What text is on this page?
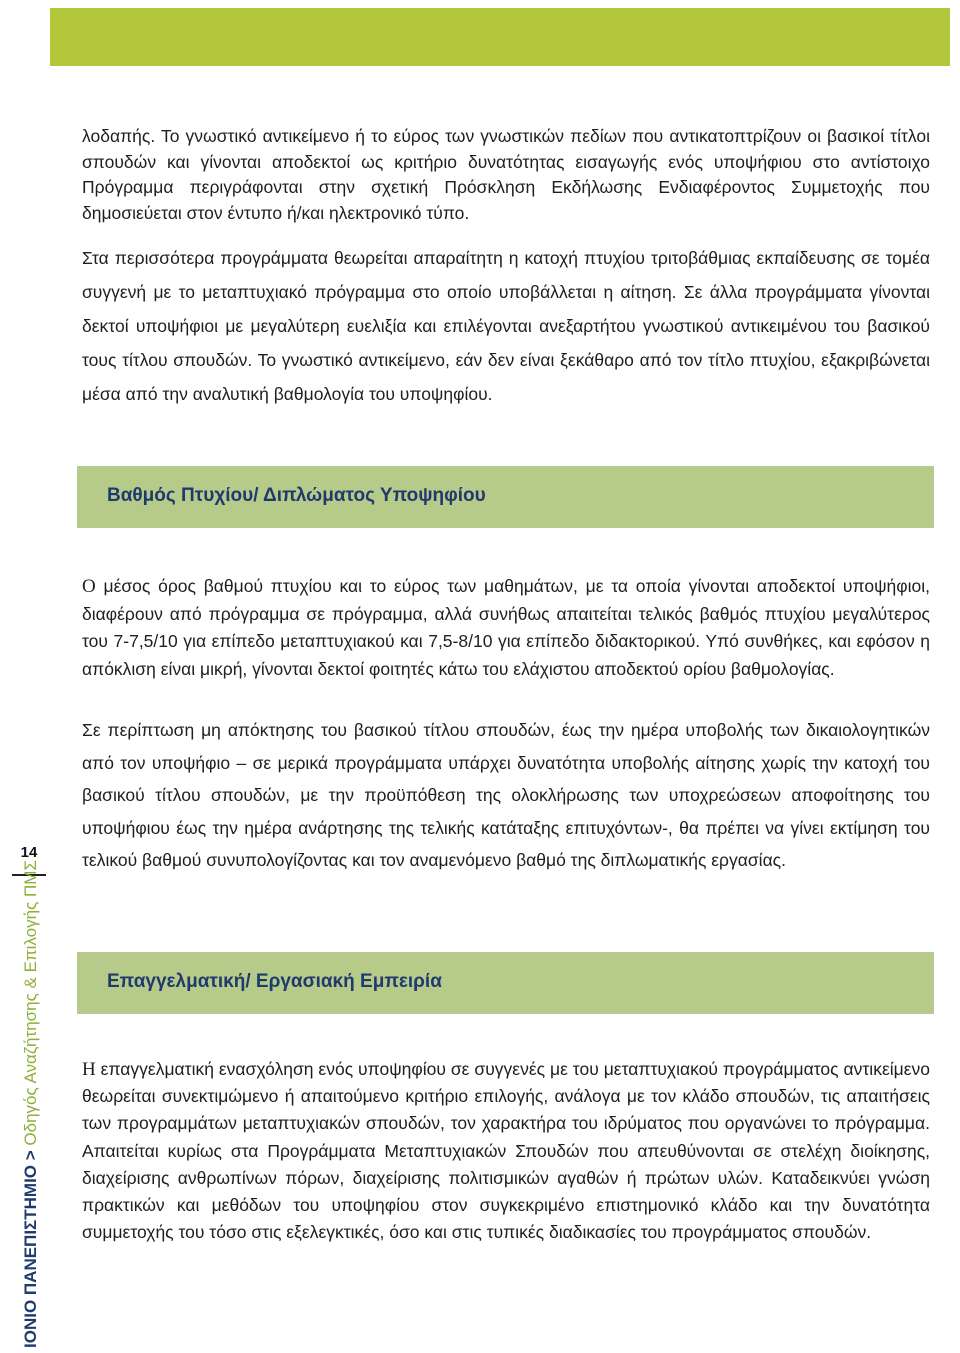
λοδαπής. Το γνωστικό αντικείμενο ή το εύρος των γνωστικών πεδίων που αντικατοπτρίζουν οι βασικοί τίτλοι σπουδών και γίνονται αποδεκτοί ως κριτήριο δυνατότητας εισαγωγής ενός υποψήφιου στο αντίστοιχο Πρόγραμμα περιγράφονται στην σχετική Πρόσκληση Εκδήλωσης Ενδιαφέροντος Συμμετοχής που δημοσιεύεται στον έντυπο ή/και ηλεκτρονικό τύπο.

Στα περισσότερα προγράμματα θεωρείται απαραίτητη η κατοχή πτυχίου τριτοβάθμιας εκπαίδευσης σε τομέα συγγενή με το μεταπτυχιακό πρόγραμμα στο οποίο υποβάλλεται η αίτηση. Σε άλλα προγράμματα γίνονται δεκτοί υποψήφιοι με μεγαλύτερη ευελιξία και επιλέγονται ανεξαρτήτου γνωστικού αντικειμένου του βασικού τους τίτλου σπουδών. Το γνωστικό αντικείμενο, εάν δεν είναι ξεκάθαρο από τον τίτλο πτυχίου, εξακριβώνεται μέσα από την αναλυτική βαθμολογία του υποψηφίου.

Βαθμός Πτυχίου/ Διπλώματος Υποψηφίου

Ο μέσος όρος βαθμού πτυχίου και το εύρος των μαθημάτων, με τα οποία γίνονται αποδεκτοί υποψήφιοι, διαφέρουν από πρόγραμμα σε πρόγραμμα, αλλά συνήθως απαιτείται τελικός βαθμός πτυχίου μεγαλύτερος του 7-7,5/10 για επίπεδο μεταπτυχιακού και 7,5-8/10 για επίπεδο διδακτορικού. Υπό συνθήκες, και εφόσον η απόκλιση είναι μικρή, γίνονται δεκτοί φοιτητές κάτω του ελάχιστου αποδεκτού ορίου βαθμολογίας.

Σε περίπτωση μη απόκτησης του βασικού τίτλου σπουδών, έως την ημέρα υποβολής των δικαιολογητικών από τον υποψήφιο – σε μερικά προγράμματα υπάρχει δυνατότητα υποβολής αίτησης χωρίς την κατοχή του βασικού τίτλου σπουδών, με την προϋπόθεση της ολοκλήρωσης των υποχρεώσεων αποφοίτησης του υποψήφιου έως την ημέρα ανάρτησης της τελικής κατάταξης επιτυχόντων-, θα πρέπει να γίνει εκτίμηση του τελικού βαθμού συνυπολογίζοντας και τον αναμενόμενο βαθμό της διπλωματικής εργασίας.

Επαγγελματική/ Εργασιακή Εμπειρία

Η επαγγελματική ενασχόληση ενός υποψηφίου σε συγγενές με του μεταπτυχιακού προγράμματος αντικείμενο θεωρείται συνεκτιμώμενο ή απαιτούμενο κριτήριο επιλογής, ανάλογα με τον κλάδο σπουδών, τις απαιτήσεις των προγραμμάτων μεταπτυχιακών σπουδών, τον χαρακτήρα του ιδρύματος που οργανώνει το πρόγραμμα. Απαιτείται κυρίως στα Προγράμματα Μεταπτυχιακών Σπουδών που απευθύνονται σε στελέχη διοίκησης, διαχείρισης ανθρωπίνων πόρων, διαχείρισης πολιτισμικών αγαθών ή πρώτων υλών. Καταδεικνύει γνώση πρακτικών και μεθόδων του υποψηφίου στον συγκεκριμένο επιστημονικό κλάδο και την δυνατότητα συμμετοχής του τόσο στις εξελεγκτικές, όσο και στις τυπικές διαδικασίες του προγράμματος σπουδών.

14
ΙΟΝΙΟ ΠΑΝΕΠΙΣΤΗΜΙΟ > Οδηγός Αναζήτησης & Επιλογής ΠΜΣ
